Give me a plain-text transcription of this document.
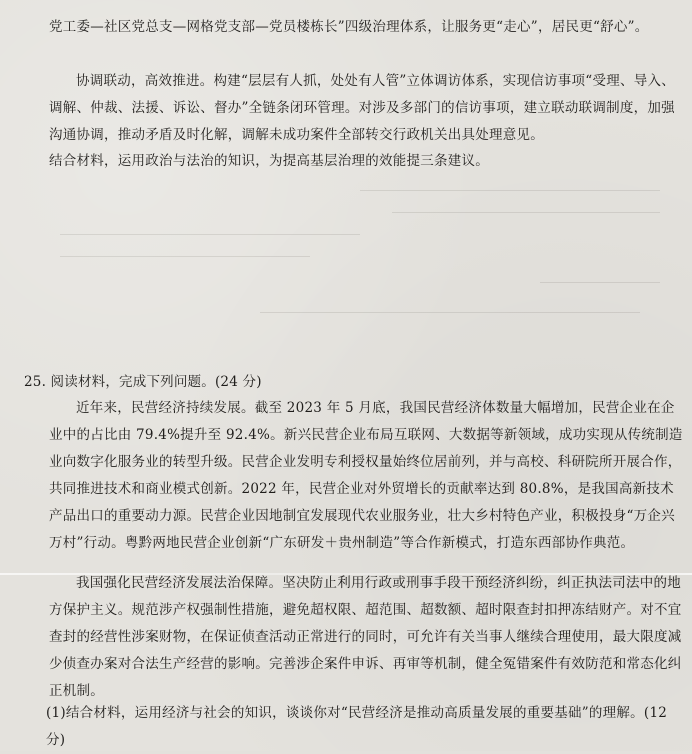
党工委—社区党总支—网格党支部—党员楼栋长”四级治理体系，让服务更“走心”，居民更“舒心”。

协调联动，高效推进。构建“层层有人抓，处处有人管”立体调访体系，实现信访事项“受理、导入、调解、仲裁、法援、诉讼、督办”全链条闭环管理。对涉及多部门的信访事项，建立联动联调制度，加强沟通协调，推动矛盾及时化解，调解未成功案件全部转交行政机关出具处理意见。

结合材料，运用政治与法治的知识，为提高基层治理的效能提三条建议。

25. 阅读材料，完成下列问题。(24 分)

近年来，民营经济持续发展。截至 2023 年 5 月底，我国民营经济体数量大幅增加，民营企业在企业中的占比由 79.4%提升至 92.4%。新兴民营企业布局互联网、大数据等新领域，成功实现从传统制造业向数字化服务业的转型升级。民营企业发明专利授权量始终位居前列，并与高校、科研院所开展合作，共同推进技术和商业模式创新。2022 年，民营企业对外贸增长的贡献率达到 80.8%，是我国高新技术产品出口的重要动力源。民营企业因地制宜发展现代农业服务业，壮大乡村特色产业，积极投身“万企兴万村”行动。粤黔两地民营企业创新“广东研发＋贵州制造”等合作新模式，打造东西部协作典范。

我国强化民营经济发展法治保障。坚决防止利用行政或刑事手段干预经济纠纷，纠正执法司法中的地方保护主义。规范涉产权强制性措施，避免超权限、超范围、超数额、超时限查封扣押冻结财产。对不宜查封的经营性涉案财物，在保证侦查活动正常进行的同时，可允许有关当事人继续合理使用，最大限度减少侦查办案对合法生产经营的影响。完善涉企案件申诉、再审等机制，健全冤错案件有效防范和常态化纠正机制。

(1)结合材料，运用经济与社会的知识，谈谈你对“民营经济是推动高质量发展的重要基础”的理解。(12 分)
